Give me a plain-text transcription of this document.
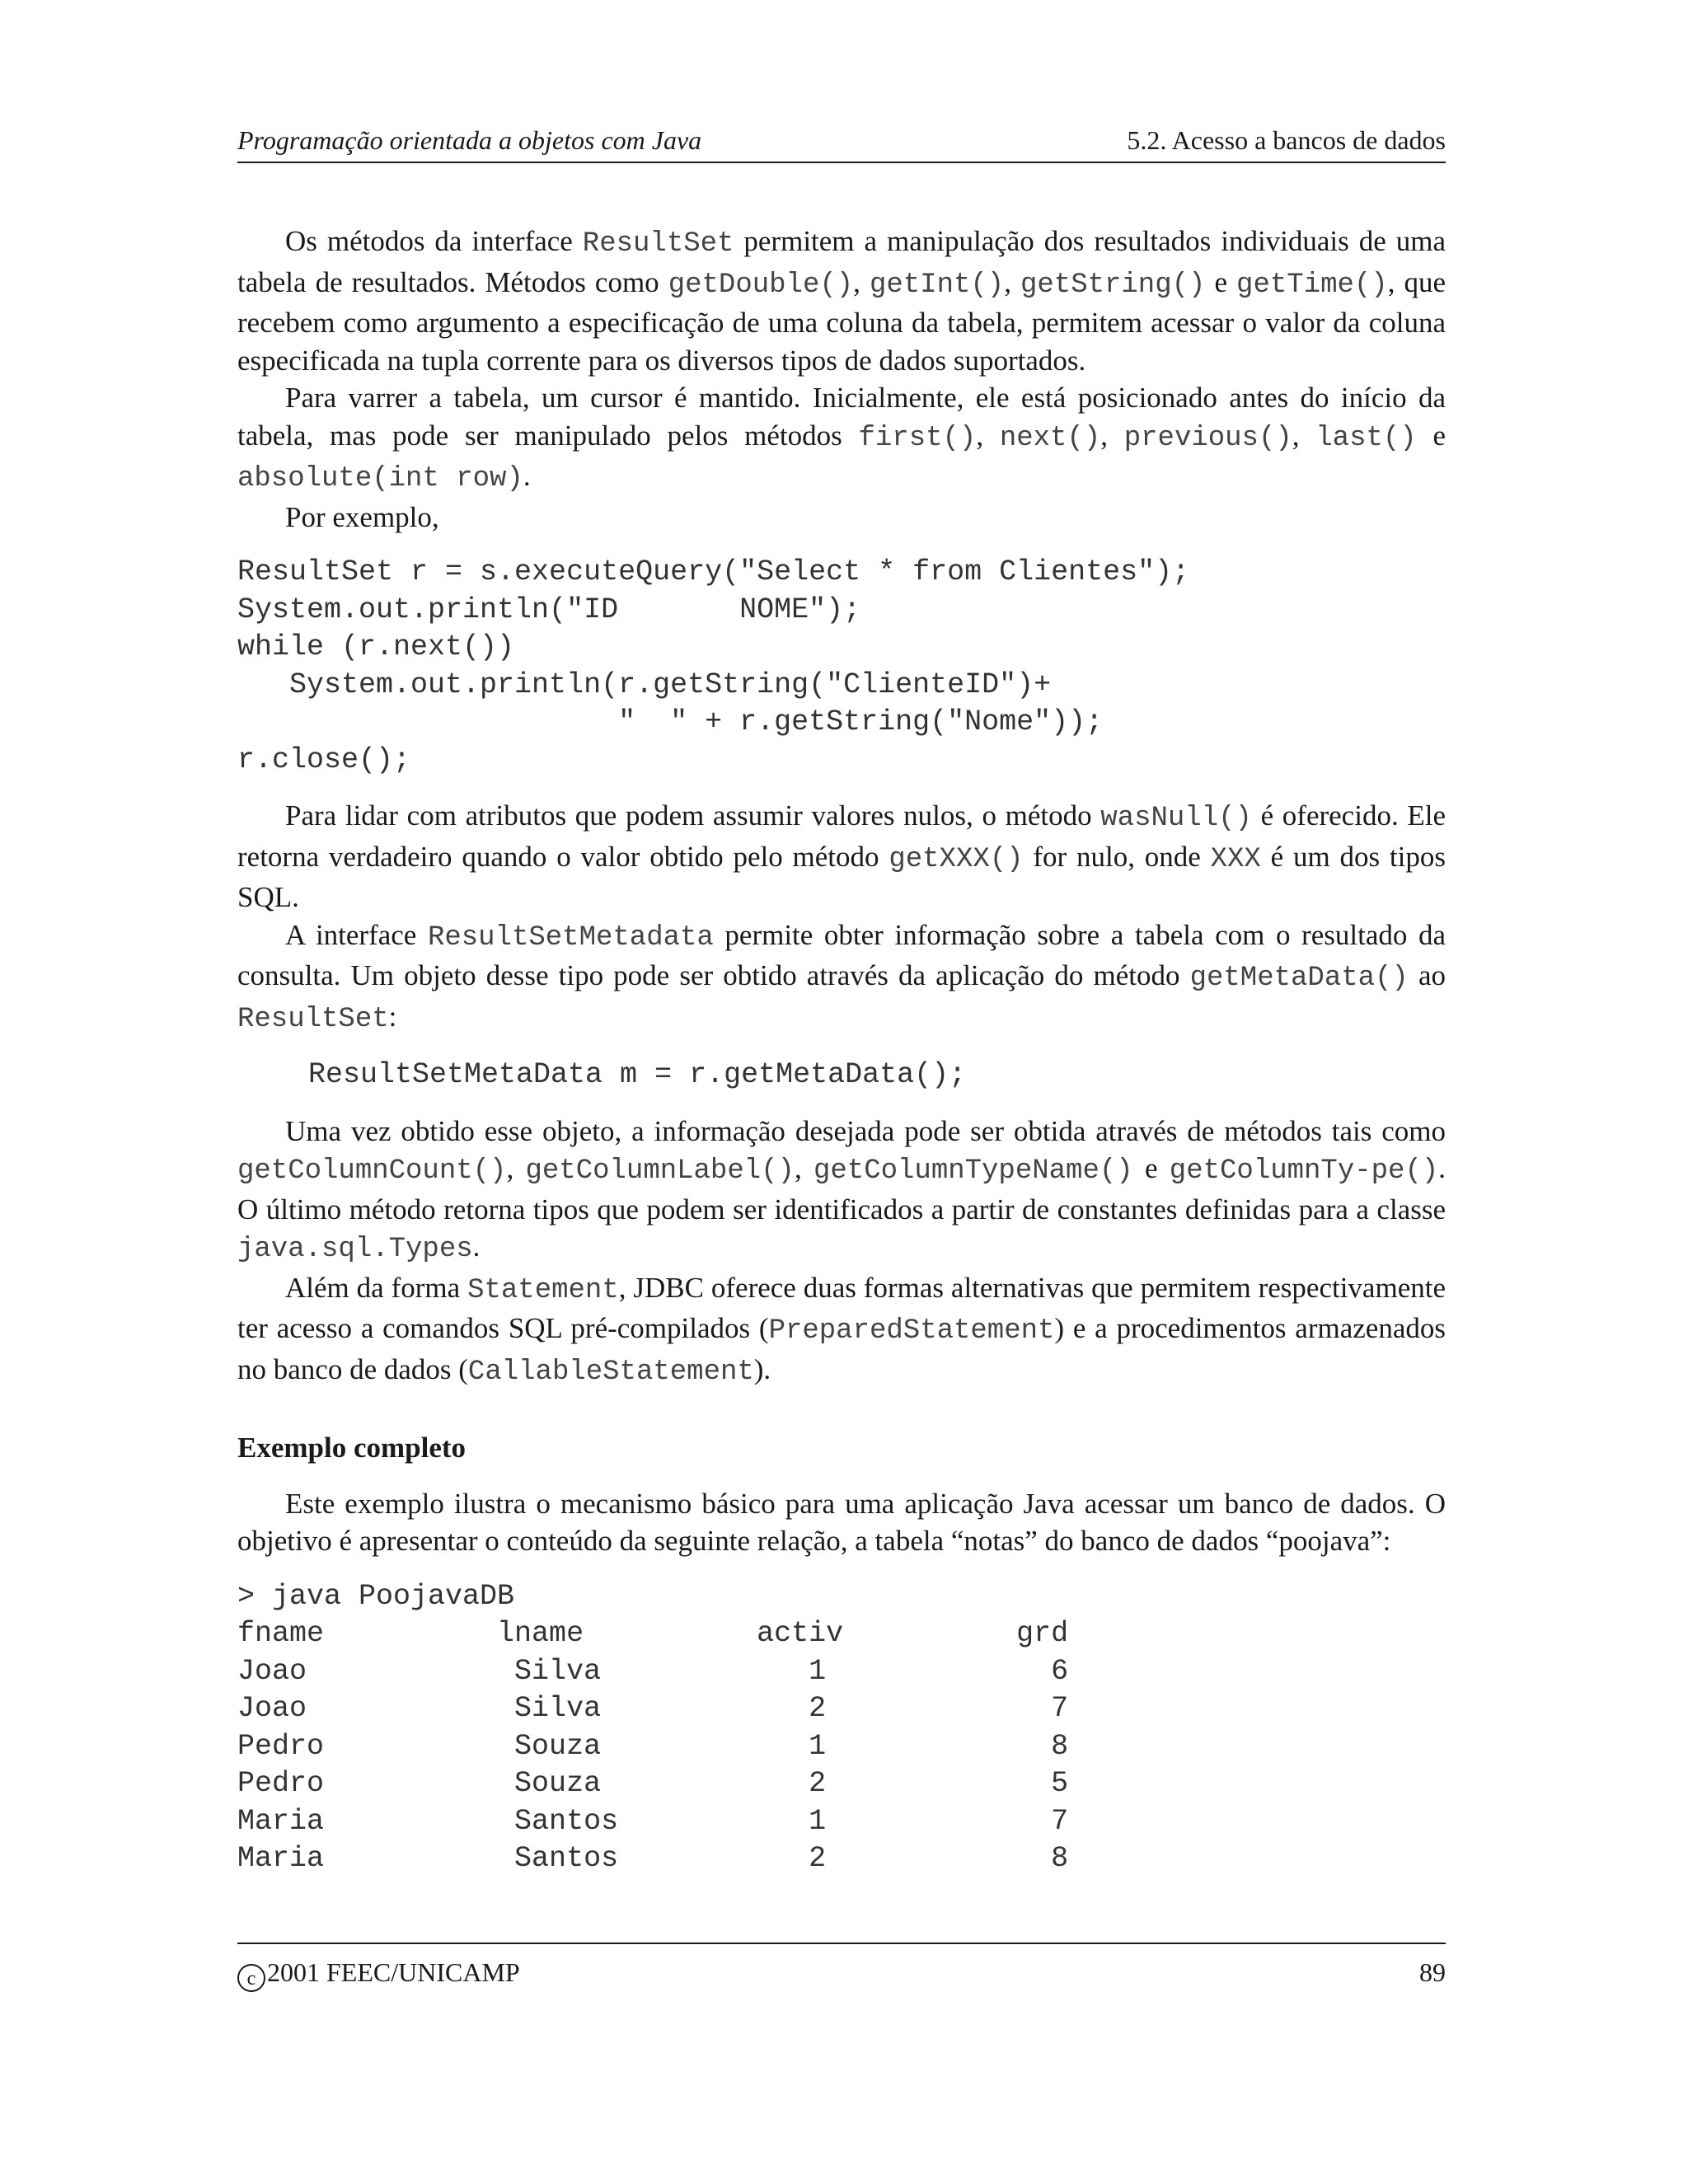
Programação orientada a objetos com Java	5.2. Acesso a bancos de dados

Os métodos da interface ResultSet permitem a manipulação dos resultados individuais de uma tabela de resultados. Métodos como getDouble(), getInt(), getString() e getTime(), que recebem como argumento a especificação de uma coluna da tabela, permitem acessar o valor da coluna especificada na tupla corrente para os diversos tipos de dados suportados.

Para varrer a tabela, um cursor é mantido. Inicialmente, ele está posicionado antes do início da tabela, mas pode ser manipulado pelos métodos first(), next(), previous(), last() e absolute(int row).

Por exemplo,

ResultSet r = s.executeQuery("Select * from Clientes");
System.out.println("ID       NOME");
while (r.next())
System.out.println(r.getString("ClienteID")+
"  " + r.getString("Nome"));
r.close();

Para lidar com atributos que podem assumir valores nulos, o método wasNull() é oferecido. Ele retorna verdadeiro quando o valor obtido pelo método getXXX() for nulo, onde XXX é um dos tipos SQL.

A interface ResultSetMetadata permite obter informação sobre a tabela com o resultado da consulta. Um objeto desse tipo pode ser obtido através da aplicação do método getMetaData() ao ResultSet:

ResultSetMetaData m = r.getMetaData();

Uma vez obtido esse objeto, a informação desejada pode ser obtida através de métodos tais como getColumnCount(), getColumnLabel(), getColumnTypeName() e getColumnTy-pe(). O último método retorna tipos que podem ser identificados a partir de constantes definidas para a classe java.sql.Types.

Além da forma Statement, JDBC oferece duas formas alternativas que permitem respectivamente ter acesso a comandos SQL pré-compilados (PreparedStatement) e a procedimentos armazenados no banco de dados (CallableStatement).

Exemplo completo

Este exemplo ilustra o mecanismo básico para uma aplicação Java acessar um banco de dados. O objetivo é apresentar o conteúdo da seguinte relação, a tabela “notas” do banco de dados “poojava”:

> java PoojavaDB
fname          lname          activ          grd
Joao            Silva            1             6
Joao            Silva            2             7
Pedro           Souza            1             8
Pedro           Souza            2             5
Maria           Santos           1             7
Maria           Santos           2             8
c 2001 FEEC/UNICAMP	89
